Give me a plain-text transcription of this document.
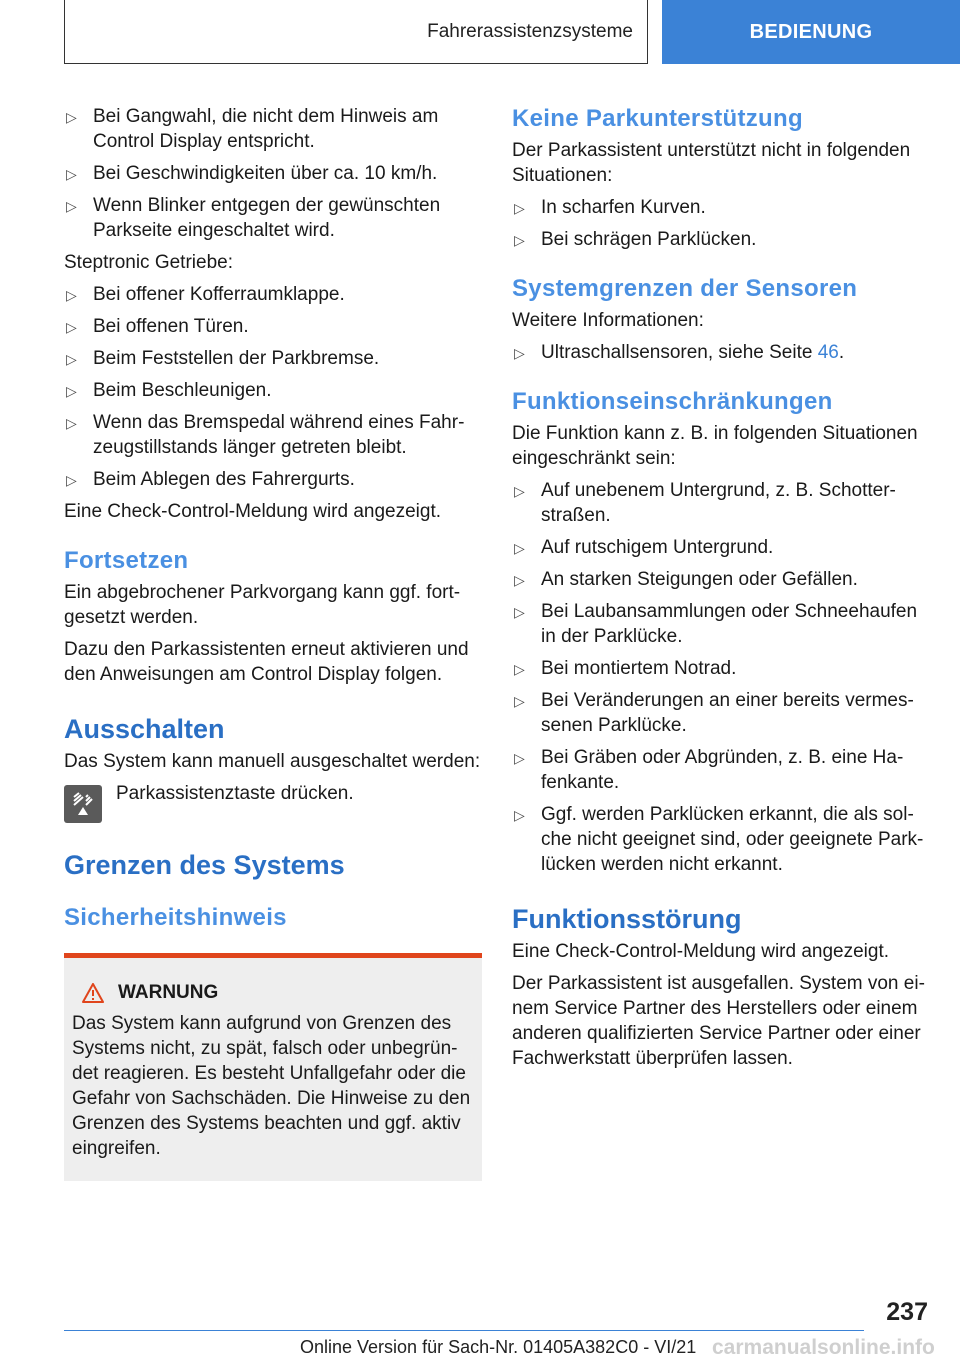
Fahrerassistenzsysteme	BEDIENUNG
▷ Bei Gangwahl, die nicht dem Hinweis am Control Display entspricht.
▷ Bei Geschwindigkeiten über ca. 10 km/h.
▷ Wenn Blinker entgegen der gewünschten Parkseite eingeschaltet wird.

Steptronic Getriebe:

▷ Bei offener Kofferraumklappe.
▷ Bei offenen Türen.
▷ Beim Feststellen der Parkbremse.
▷ Beim Beschleunigen.
▷ Wenn das Bremspedal während eines Fahrzeugstillstands länger getreten bleibt.
▷ Beim Ablegen des Fahrergurts.

Eine Check-Control-Meldung wird angezeigt.

Fortsetzen

Ein abgebrochener Parkvorgang kann ggf. fortgesetzt werden.

Dazu den Parkassistenten erneut aktivieren und den Anweisungen am Control Display folgen.

Ausschalten

Das System kann manuell ausgeschaltet werden:

Parkassistenztaste drücken.
Grenzen des Systems
Sicherheitshinweis
WARNUNG

Das System kann aufgrund von Grenzen des Systems nicht, zu spät, falsch oder unbegründet reagieren. Es besteht Unfallgefahr oder die Gefahr von Sachschäden. Die Hinweise zu den Grenzen des Systems beachten und ggf. aktiv eingreifen.

Keine Parkunterstützung

Der Parkassistent unterstützt nicht in folgenden Situationen:

▷ In scharfen Kurven.
▷ Bei schrägen Parklücken.
Systemgrenzen der Sensoren

Weitere Informationen:

▷ Ultraschallsensoren, siehe Seite 46.
Funktionseinschränkungen

Die Funktion kann z. B. in folgenden Situationen eingeschränkt sein:

▷ Auf unebenem Untergrund, z. B. Schotterstraßen.
▷ Auf rutschigem Untergrund.
▷ An starken Steigungen oder Gefällen.
▷ Bei Laubansammlungen oder Schneehaufen in der Parklücke.
▷ Bei montiertem Notrad.
▷ Bei Veränderungen an einer bereits vermessenen Parklücke.
▷ Bei Gräben oder Abgründen, z. B. eine Hafenkante.
▷ Ggf. werden Parklücken erkannt, die als solche nicht geeignet sind, oder geeignete Parklücken werden nicht erkannt.
Funktionsstörung

Eine Check-Control-Meldung wird angezeigt.

Der Parkassistent ist ausgefallen. System von einem Service Partner des Herstellers oder einem anderen qualifizierten Service Partner oder einer Fachwerkstatt überprüfen lassen.

237
Online Version für Sach-Nr. 01405A382C0 - VI/21 carmanualsonline.info
